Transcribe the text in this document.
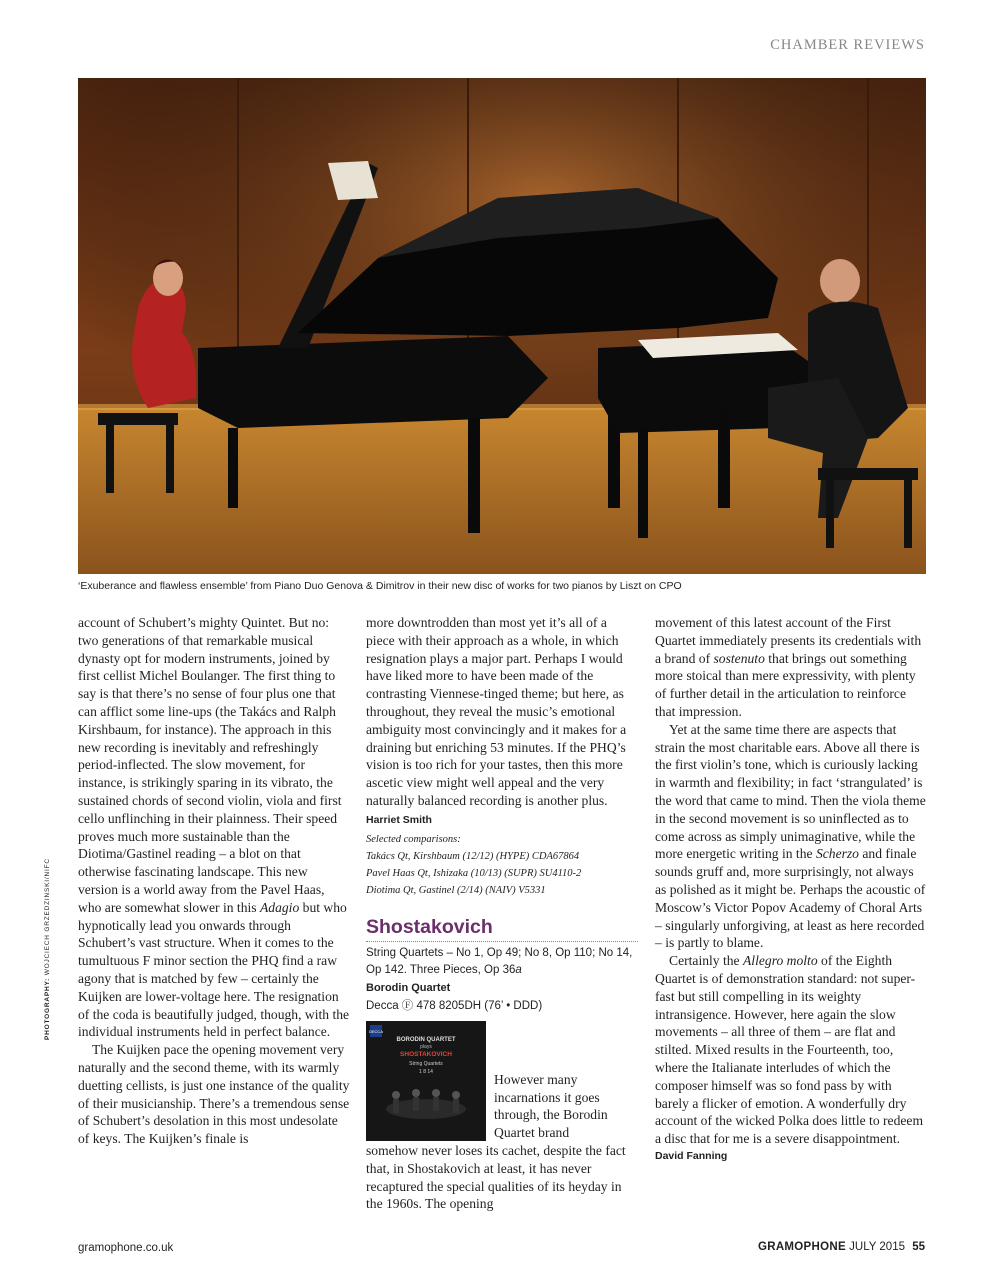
CHAMBER REVIEWS
‘Exuberance and flawless ensemble’ from Piano Duo Genova & Dimitrov in their new disc of works for two pianos by Liszt on CPO
PHOTOGRAPHY: WOJCIECH GRZEDZINSKI/NIFC

account of Schubert’s mighty Quintet. But no: two generations of that remarkable musical dynasty opt for modern instruments, joined by first cellist Michel Boulanger. The first thing to say is that there’s no sense of four plus one that can afflict some line-ups (the Takács and Ralph Kirshbaum, for instance). The approach in this new recording is inevitably and refreshingly period-inflected. The slow movement, for instance, is strikingly sparing in its vibrato, the sustained chords of second violin, viola and first cello unflinching in their plainness. Their speed proves much more sustainable than the Diotima/Gastinel reading – a blot on that otherwise fascinating landscape. This new version is a world away from the Pavel Haas, who are somewhat slower in this Adagio but who hypnotically lead you onwards through Schubert’s vast structure. When it comes to the tumultuous F minor section the PHQ find a raw agony that is matched by few – certainly the Kuijken are lower-voltage here. The resignation of the coda is beautifully judged, though, with the individual instruments held in perfect balance.

The Kuijken pace the opening movement very naturally and the second theme, with its warmly duetting cellists, is just one instance of the quality of their musicianship. There’s a tremendous sense of Schubert’s desolation in this most undesolate of keys. The Kuijken’s finale is

more downtrodden than most yet it’s all of a piece with their approach as a whole, in which resignation plays a major part. Perhaps I would have liked more to have been made of the contrasting Viennese-tinged theme; but here, as throughout, they reveal the music’s emotional ambiguity most convincingly and it makes for a draining but enriching 53 minutes. If the PHQ’s vision is too rich for your tastes, then this more ascetic view might well appeal and the very naturally balanced recording is another plus. Harriet Smith

Selected comparisons:
Takács Qt, Kirshbaum (12/12) (HYPE) CDA67864
Pavel Haas Qt, Ishizaka (10/13) (SUPR) SU4110-2
Diotima Qt, Gastinel (2/14) (NAIV) V5331
Shostakovich
String Quartets – No 1, Op 49; No 8, Op 110; No 14, Op 142. Three Pieces, Op 36a
Borodin Quartet
Decca Ⓕ 478 8205DH (76’ • DDD)
DECCA
BORODIN QUARTET
plays
SHOSTAKOVICH
String Quartets
1 8 14	However many incarnations it goes through, the Borodin Quartet brand

somehow never loses its cachet, despite the fact that, in Shostakovich at least, it has never recaptured the special qualities of its heyday in the 1960s. The opening

movement of this latest account of the First Quartet immediately presents its credentials with a brand of sostenuto that brings out something more stoical than mere expressivity, with plenty of further detail in the articulation to reinforce that impression.

Yet at the same time there are aspects that strain the most charitable ears. Above all there is the first violin’s tone, which is curiously lacking in warmth and flexibility; in fact ‘strangulated’ is the word that came to mind. Then the viola theme in the second movement is so uninflected as to come across as simply unimaginative, while the more energetic writing in the Scherzo and finale sounds gruff and, more surprisingly, not always as polished as it might be. Perhaps the acoustic of Moscow’s Victor Popov Academy of Choral Arts – singularly unforgiving, at least as here recorded – is partly to blame.

Certainly the Allegro molto of the Eighth Quartet is of demonstration standard: not super-fast but still compelling in its weighty intransigence. However, here again the slow movements – all three of them – are flat and stilted. Mixed results in the Fourteenth, too, where the Italianate interludes of which the composer himself was so fond pass by with barely a flicker of emotion. A wonderfully dry account of the wicked Polka does little to redeem a disc that for me is a severe disappointment.

David Fanning
gramophone.co.uk	GRAMOPHONE JULY 2015 55
